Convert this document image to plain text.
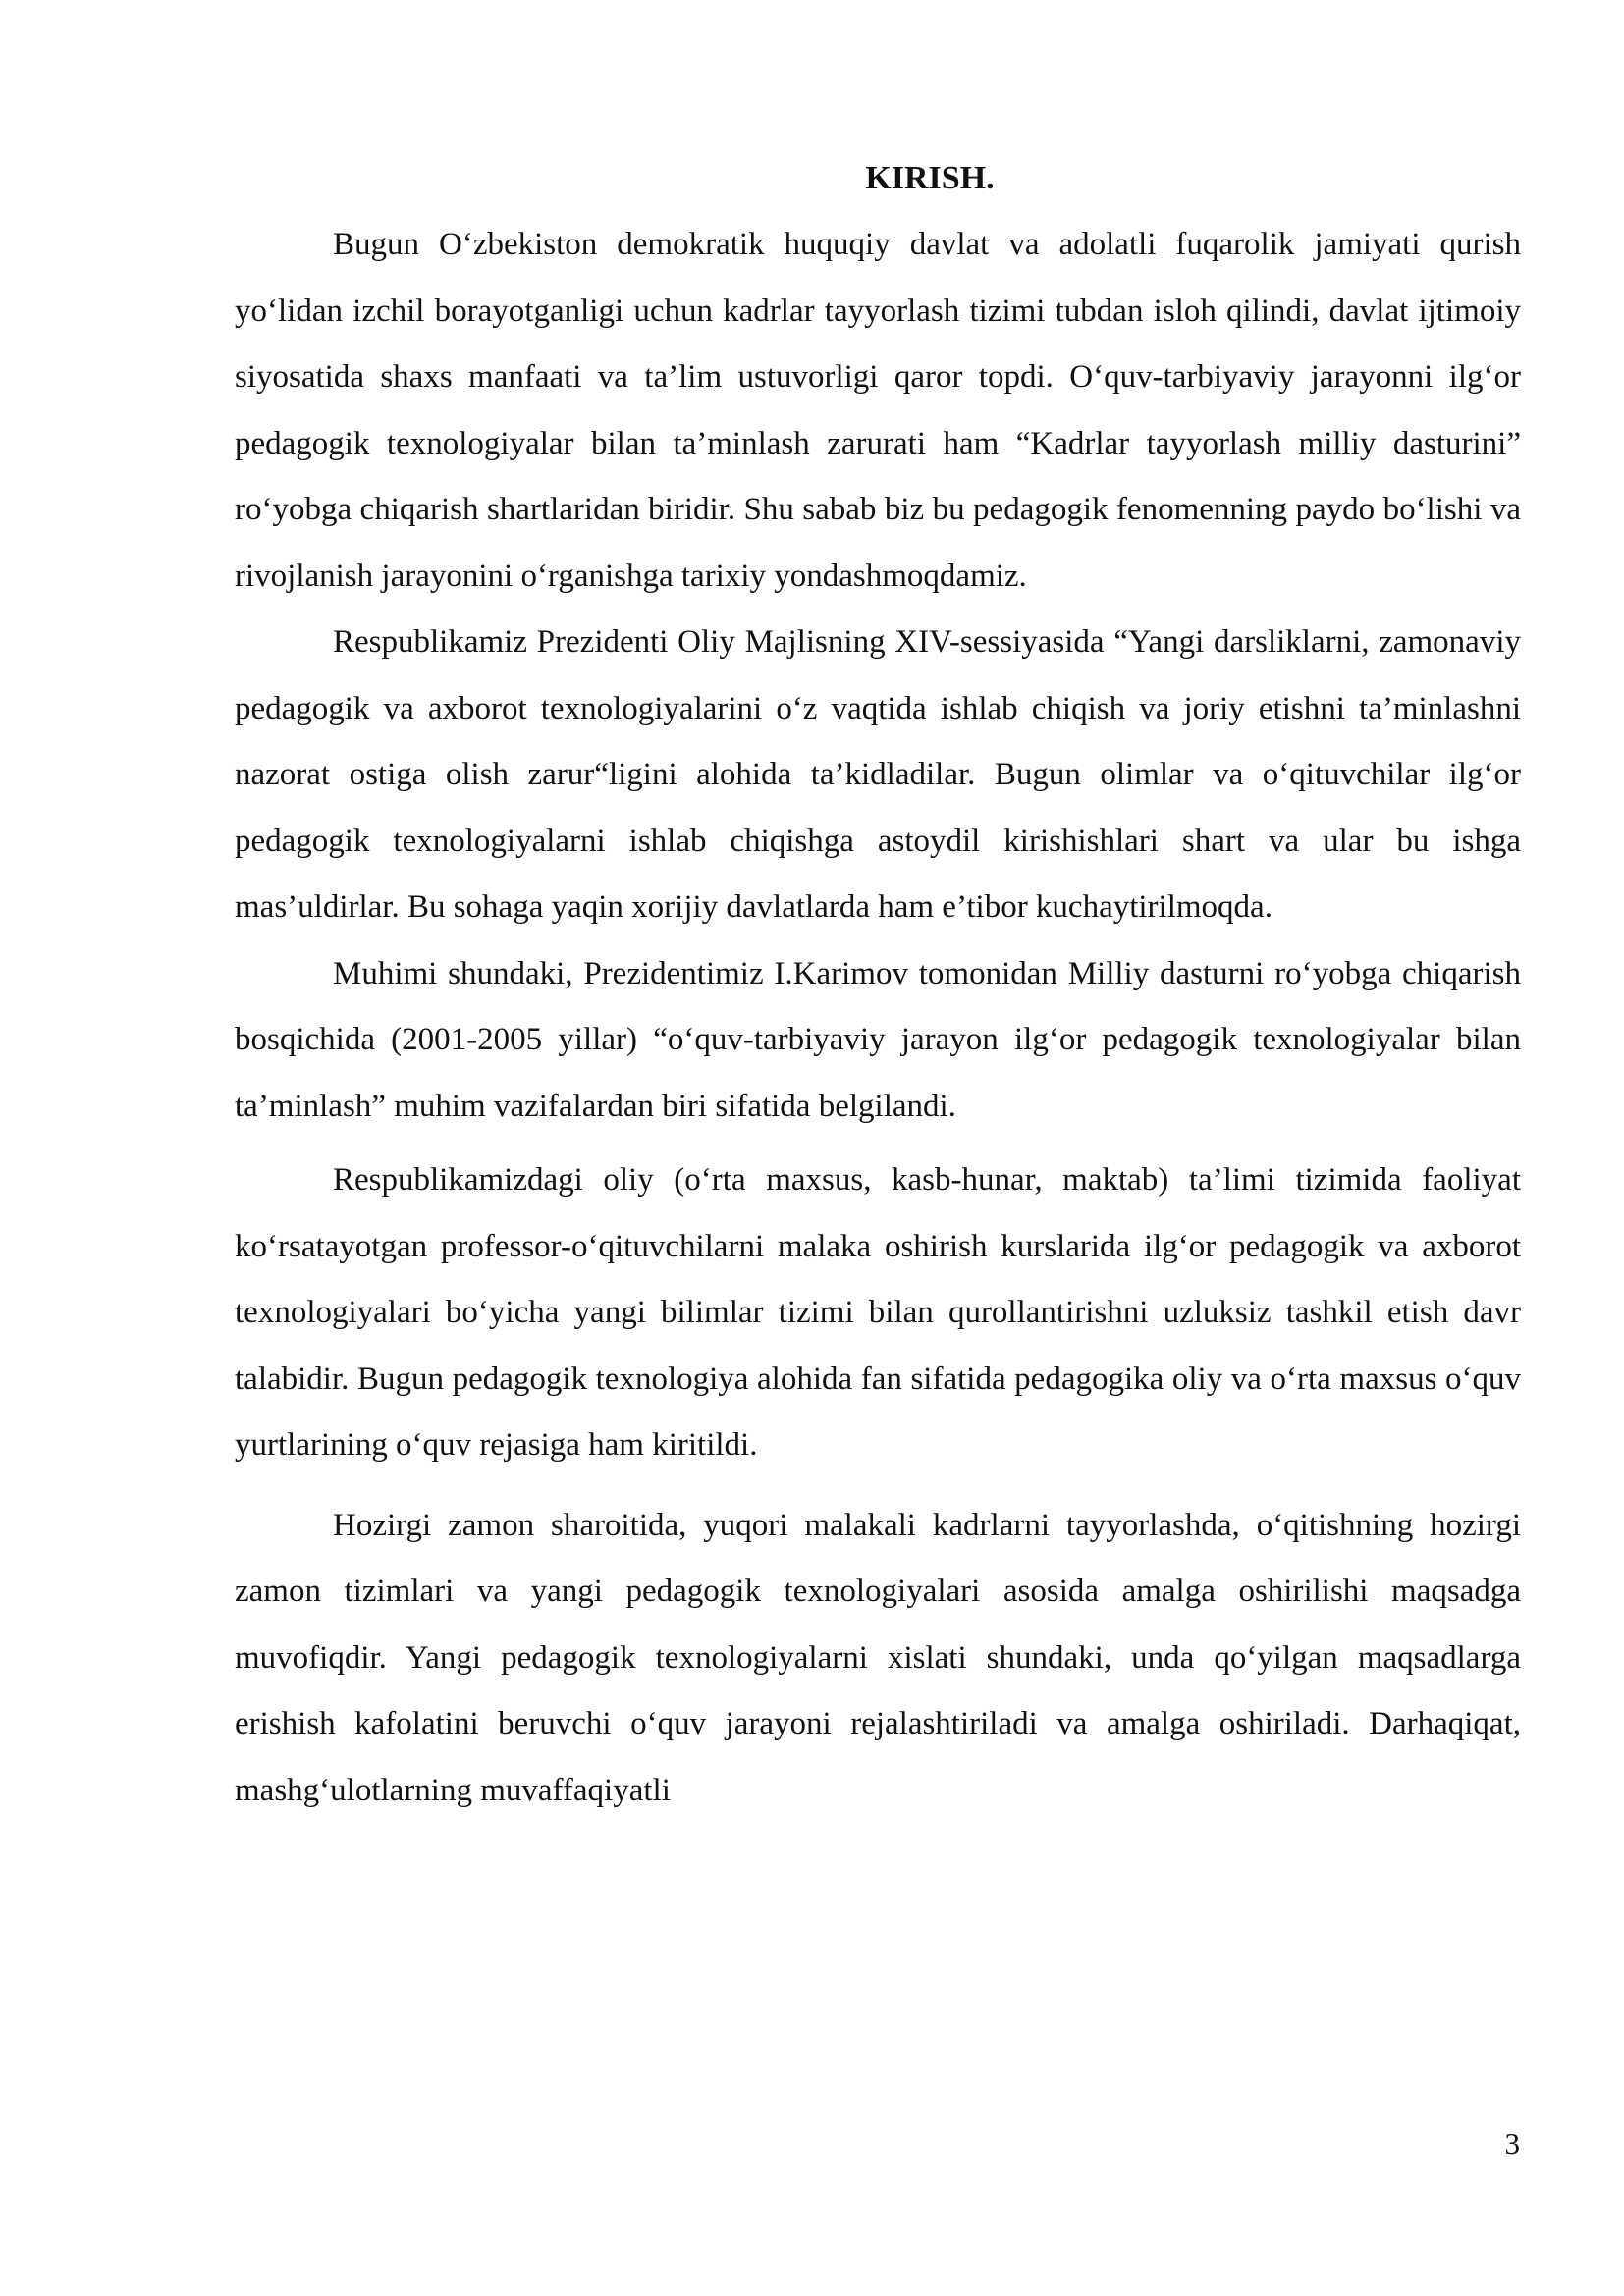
KIRISH.

Bugun O‘zbekiston demokratik huquqiy davlat va adolatli fuqarolik jamiyati qurish yo‘lidan izchil borayotganligi uchun kadrlar tayyorlash tizimi tubdan isloh qilindi, davlat ijtimoiy siyosatida shaxs manfaati va ta’lim ustuvorligi qaror topdi. O‘quv-tarbiyaviy jarayonni ilg‘or pedagogik texnologiyalar bilan ta’minlash zarurati ham “Kadrlar tayyorlash milliy dasturini” ro‘yobga chiqarish shartlaridan biridir. Shu sabab biz bu pedagogik fenomenning paydo bo‘lishi va rivojlanish jarayonini o‘rganishga tarixiy yondashmoqdamiz.

Respublikamiz Prezidenti Oliy Majlisning XIV-sessiyasida “Yangi darsliklarni, zamonaviy pedagogik va axborot texnologiyalarini o‘z vaqtida ishlab chiqish va joriy etishni ta’minlashni nazorat ostiga olish zarur“ligini alohida ta’kidladilar. Bugun olimlar va o‘qituvchilar ilg‘or pedagogik texnologiyalarni ishlab chiqishga astoydil kirishishlari shart va ular bu ishga mas’uldirlar. Bu sohaga yaqin xorijiy davlatlarda ham e’tibor kuchaytirilmoqda.

Muhimi shundaki, Prezidentimiz I.Karimov tomonidan Milliy dasturni ro‘yobga chiqarish bosqichida (2001-2005 yillar) “o‘quv-tarbiyaviy jarayon ilg‘or pedagogik texnologiyalar bilan ta’minlash” muhim vazifalardan biri sifatida belgilandi.

Respublikamizdagi oliy (o‘rta maxsus, kasb-hunar, maktab) ta’limi tizimida faoliyat ko‘rsatayotgan professor-o‘qituvchilarni malaka oshirish kurslarida ilg‘or pedagogik va axborot texnologiyalari bo‘yicha yangi bilimlar tizimi bilan qurollantirishni uzluksiz tashkil etish davr talabidir. Bugun pedagogik texnologiya alohida fan sifatida pedagogika oliy va o‘rta maxsus o‘quv yurtlarining o‘quv rejasiga ham kiritildi.

Hozirgi zamon sharoitida, yuqori malakali kadrlarni tayyorlashda, o‘qitishning hozirgi zamon tizimlari va yangi pedagogik texnologiyalari asosida amalga oshirilishi maqsadga muvofiqdir. Yangi pedagogik texnologiyalarni xislati shundaki, unda qo‘yilgan maqsadlarga erishish kafolatini beruvchi o‘quv jarayoni rejalashtiriladi va amalga oshiriladi. Darhaqiqat, mashg‘ulotlarning muvaffaqiyatli

3
